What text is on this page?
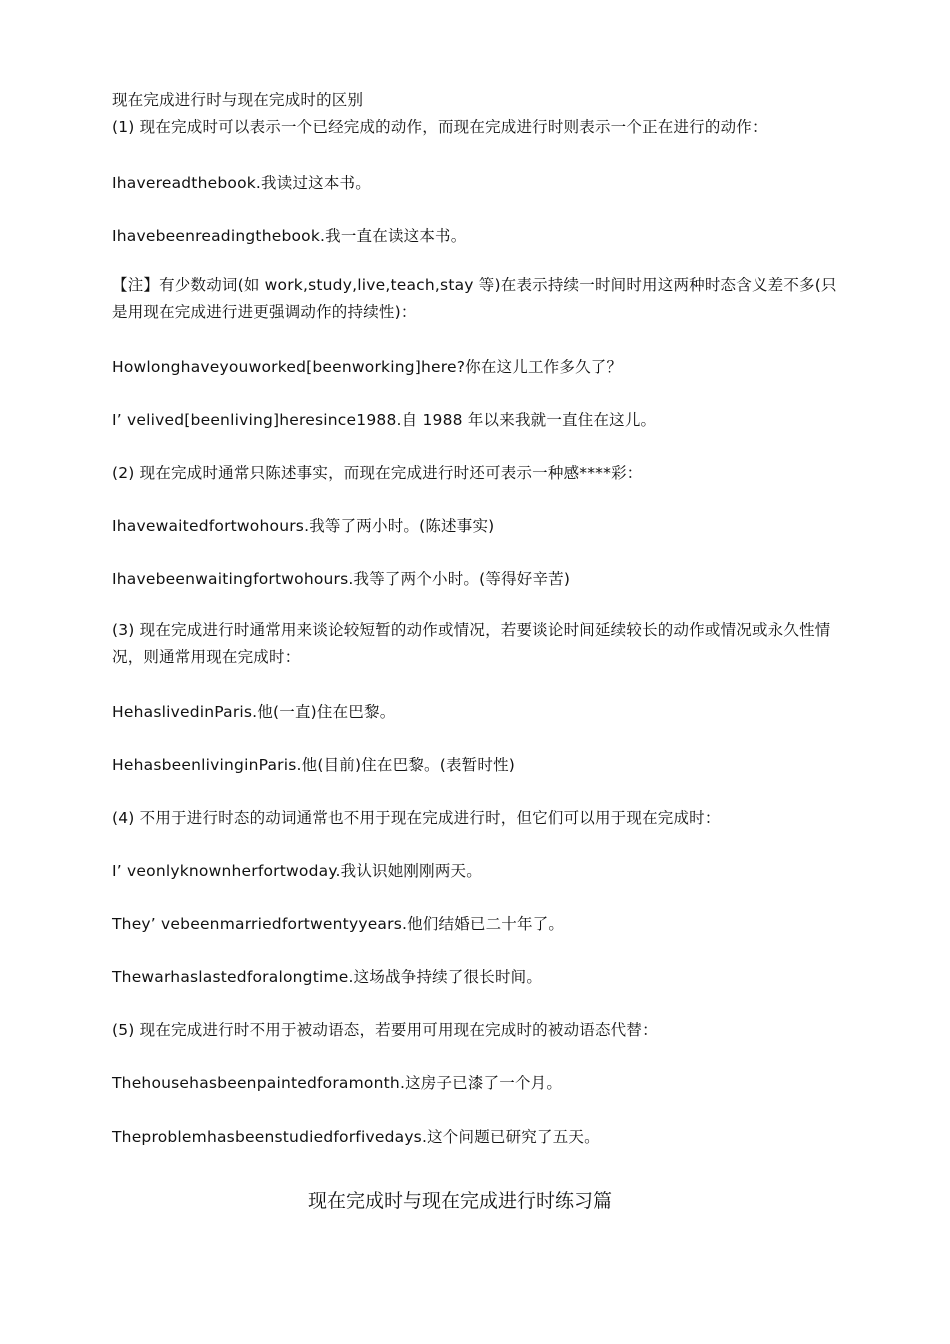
现在完成进行时与现在完成时的区别
(1) 现在完成时可以表示一个已经完成的动作，而现在完成进行时则表示一个正在进行的动作：
Ihavereadthebook.我读过这本书。
Ihavebeenreadingthebook.我一直在读这本书。
【注】有少数动词(如 work,study,live,teach,stay 等)在表示持续一时间时用这两种时态含义差不多(只是用现在完成进行进更强调动作的持续性)：
Howlonghaveyouworked[beenworking]here?你在这儿工作多久了？
I’ velived[beenliving]heresince1988.自 1988 年以来我就一直住在这儿。
(2) 现在完成时通常只陈述事实，而现在完成进行时还可表示一种感****彩：
Ihavewaitedfortwohours.我等了两小时。(陈述事实)
Ihavebeenwaitingfortwohours.我等了两个小时。(等得好辛苦)
(3) 现在完成进行时通常用来谈论较短暂的动作或情况，若要谈论时间延续较长的动作或情况或永久性情况，则通常用现在完成时：
HehaslivedinParis.他(一直)住在巴黎。
HehasbeenlivinginParis.他(目前)住在巴黎。(表暂时性)
(4) 不用于进行时态的动词通常也不用于现在完成进行时，但它们可以用于现在完成时：
I’ veonlyknownherfortwoday.我认识她刚刚两天。
They’ vebeenmarriedfortwentyyears.他们结婚已二十年了。
Thewarhaslastedforalongtime.这场战争持续了很长时间。
(5) 现在完成进行时不用于被动语态，若要用可用现在完成时的被动语态代替：
Thehousehasbeenpaintedforamonth.这房子已漆了一个月。
Theproblemhasbeenstudiedforfivedays.这个问题已研究了五天。
现在完成时与现在完成进行时练习篇
